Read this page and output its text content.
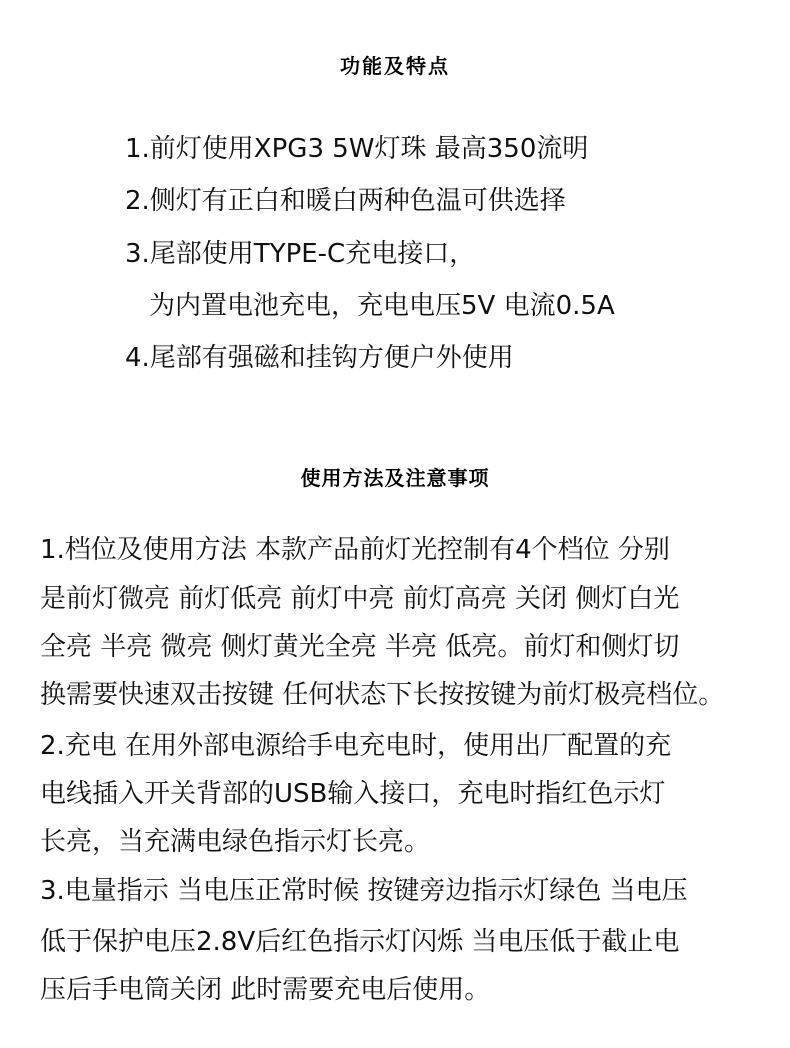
功能及特点
1.前灯使用XPG3 5W灯珠 最高350流明
2.侧灯有正白和暖白两种色温可供选择
3.尾部使用TYPE-C充电接口，
为内置电池充电，充电电压5V 电流0.5A
4.尾部有强磁和挂钩方便户外使用
使用方法及注意事项
1.档位及使用方法 本款产品前灯光控制有4个档位 分别
是前灯微亮 前灯低亮 前灯中亮 前灯高亮 关闭 侧灯白光
全亮 半亮 微亮 侧灯黄光全亮 半亮 低亮。前灯和侧灯切
换需要快速双击按键 任何状态下长按按键为前灯极亮档位。
2.充电 在用外部电源给手电充电时，使用出厂配置的充
电线插入开关背部的USB输入接口，充电时指红色示灯
长亮，当充满电绿色指示灯长亮。
3.电量指示 当电压正常时候 按键旁边指示灯绿色 当电压
低于保护电压2.8V后红色指示灯闪烁 当电压低于截止电
压后手电筒关闭 此时需要充电后使用。
